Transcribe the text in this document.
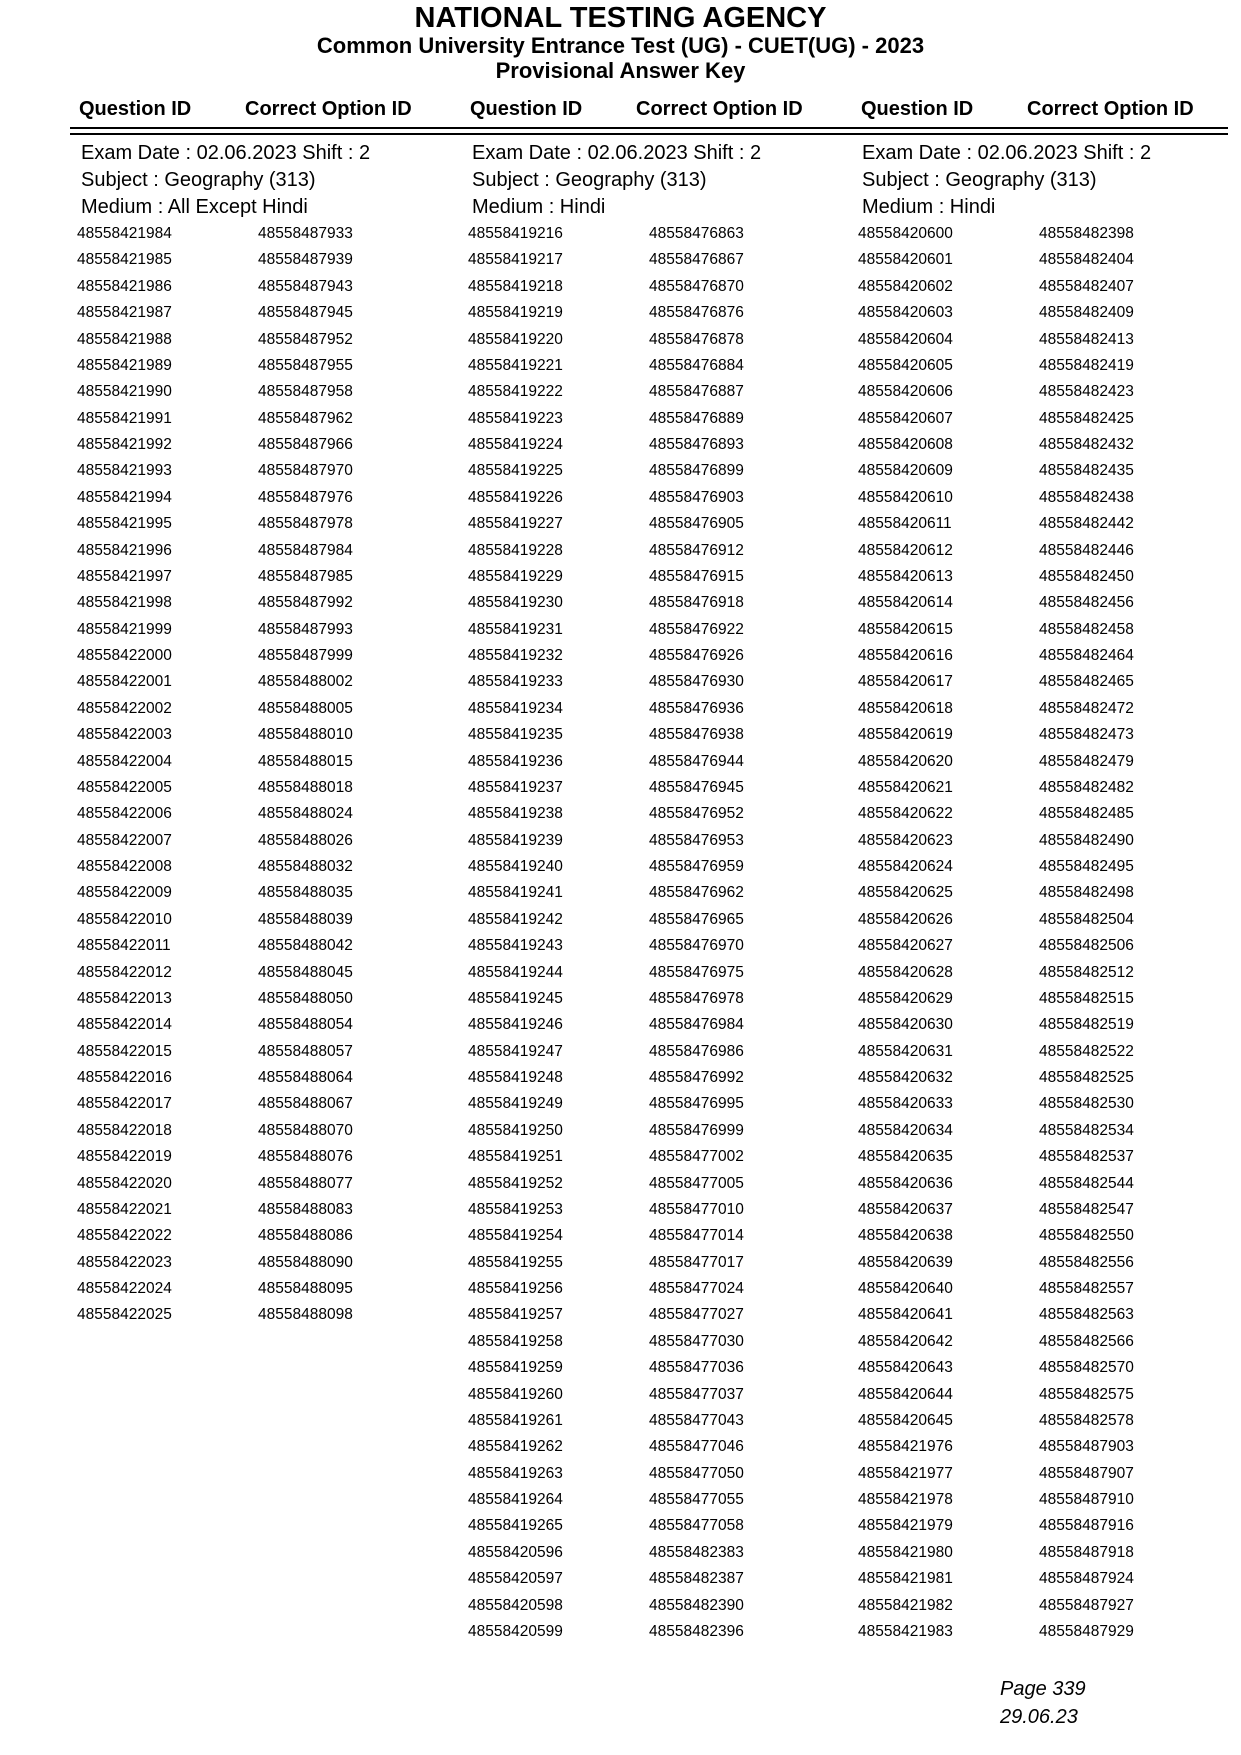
NATIONAL TESTING AGENCY
Common University Entrance Test (UG) - CUET(UG) - 2023
Provisional Answer Key
Question ID	Correct Option ID	Question ID	Correct Option ID	Question ID	Correct Option ID
Exam Date : 02.06.2023 Shift : 2
Subject : Geography (313)
Medium : All Except Hindi
48558421984	48558487933
48558421985	48558487939
48558421986	48558487943
48558421987	48558487945
48558421988	48558487952
48558421989	48558487955
48558421990	48558487958
48558421991	48558487962
48558421992	48558487966
48558421993	48558487970
48558421994	48558487976
48558421995	48558487978
48558421996	48558487984
48558421997	48558487985
48558421998	48558487992
48558421999	48558487993
48558422000	48558487999
48558422001	48558488002
48558422002	48558488005
48558422003	48558488010
48558422004	48558488015
48558422005	48558488018
48558422006	48558488024
48558422007	48558488026
48558422008	48558488032
48558422009	48558488035
48558422010	48558488039
48558422011	48558488042
48558422012	48558488045
48558422013	48558488050
48558422014	48558488054
48558422015	48558488057
48558422016	48558488064
48558422017	48558488067
48558422018	48558488070
48558422019	48558488076
48558422020	48558488077
48558422021	48558488083
48558422022	48558488086
48558422023	48558488090
48558422024	48558488095
48558422025	48558488098
Exam Date : 02.06.2023 Shift : 2
Subject : Geography (313)
Medium : Hindi
48558419216	48558476863
48558419217	48558476867
48558419218	48558476870
48558419219	48558476876
48558419220	48558476878
48558419221	48558476884
48558419222	48558476887
48558419223	48558476889
48558419224	48558476893
48558419225	48558476899
48558419226	48558476903
48558419227	48558476905
48558419228	48558476912
48558419229	48558476915
48558419230	48558476918
48558419231	48558476922
48558419232	48558476926
48558419233	48558476930
48558419234	48558476936
48558419235	48558476938
48558419236	48558476944
48558419237	48558476945
48558419238	48558476952
48558419239	48558476953
48558419240	48558476959
48558419241	48558476962
48558419242	48558476965
48558419243	48558476970
48558419244	48558476975
48558419245	48558476978
48558419246	48558476984
48558419247	48558476986
48558419248	48558476992
48558419249	48558476995
48558419250	48558476999
48558419251	48558477002
48558419252	48558477005
48558419253	48558477010
48558419254	48558477014
48558419255	48558477017
48558419256	48558477024
48558419257	48558477027
48558419258	48558477030
48558419259	48558477036
48558419260	48558477037
48558419261	48558477043
48558419262	48558477046
48558419263	48558477050
48558419264	48558477055
48558419265	48558477058
48558420596	48558482383
48558420597	48558482387
48558420598	48558482390
48558420599	48558482396
Exam Date : 02.06.2023 Shift : 2
Subject : Geography (313)
Medium : Hindi
48558420600	48558482398
48558420601	48558482404
48558420602	48558482407
48558420603	48558482409
48558420604	48558482413
48558420605	48558482419
48558420606	48558482423
48558420607	48558482425
48558420608	48558482432
48558420609	48558482435
48558420610	48558482438
48558420611	48558482442
48558420612	48558482446
48558420613	48558482450
48558420614	48558482456
48558420615	48558482458
48558420616	48558482464
48558420617	48558482465
48558420618	48558482472
48558420619	48558482473
48558420620	48558482479
48558420621	48558482482
48558420622	48558482485
48558420623	48558482490
48558420624	48558482495
48558420625	48558482498
48558420626	48558482504
48558420627	48558482506
48558420628	48558482512
48558420629	48558482515
48558420630	48558482519
48558420631	48558482522
48558420632	48558482525
48558420633	48558482530
48558420634	48558482534
48558420635	48558482537
48558420636	48558482544
48558420637	48558482547
48558420638	48558482550
48558420639	48558482556
48558420640	48558482557
48558420641	48558482563
48558420642	48558482566
48558420643	48558482570
48558420644	48558482575
48558420645	48558482578
48558421976	48558487903
48558421977	48558487907
48558421978	48558487910
48558421979	48558487916
48558421980	48558487918
48558421981	48558487924
48558421982	48558487927
48558421983	48558487929
Page 339
29.06.23
